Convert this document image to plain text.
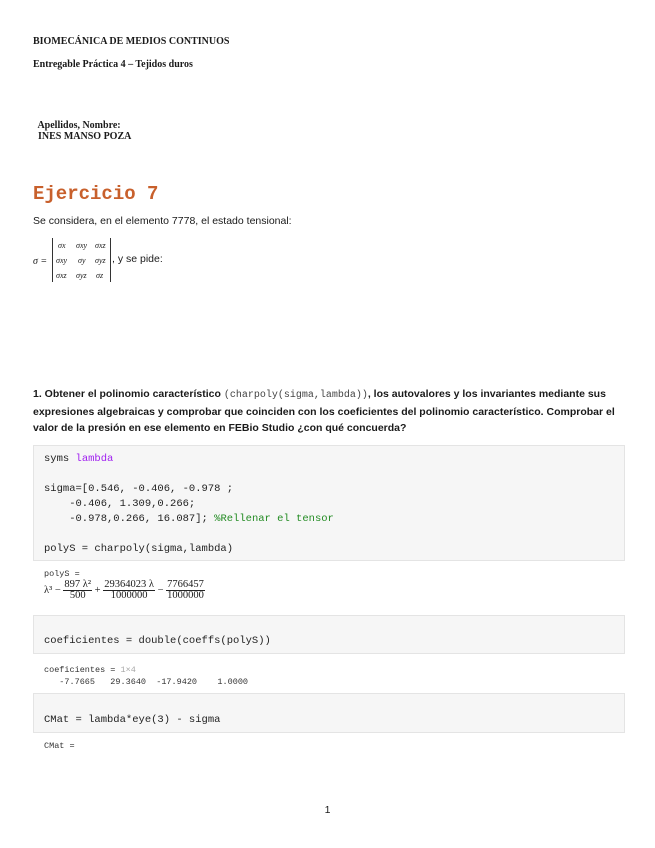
BIOMECÁNICA DE MEDIOS CONTINUOS
Entregable Práctica 4 – Tejidos duros

Apellidos, Nombre:
INES MANSO POZA

Ejercicio 7
Se considera, en el elemento 7778, el estado tensional:
σ =
σx σxy σxz
σxy σy σyz
σxz σyz σz
, y se pide:
1. Obtener el polinomio característico (charpoly(sigma,lambda)), los autovalores y los invariantes mediante sus expresiones algebraicas y comprobar que coinciden con los coeficientes del polinomio característico. Comprobar el valor de la presión en ese elemento en FEBio Studio ¿con qué concuerda?
syms lambda
sigma=[0.546, -0.406, -0.978 ;
-0.406, 1.309,0.266;
-0.978,0.266, 16.087]; %Rellenar el tensor
polyS = charpoly(sigma,lambda)
polyS =
$\lambda^3 - \frac{\text{897 λ²}}{500} + \frac{29364023 \lambda}{1000000} - \frac{7766457}{1000000}$
coeficientes = double(coeffs(polyS))
coeficientes = 1×4
-7.7665   29.3640  -17.9420    1.0000
CMat = lambda*eye(3) - sigma
CMat =
1
